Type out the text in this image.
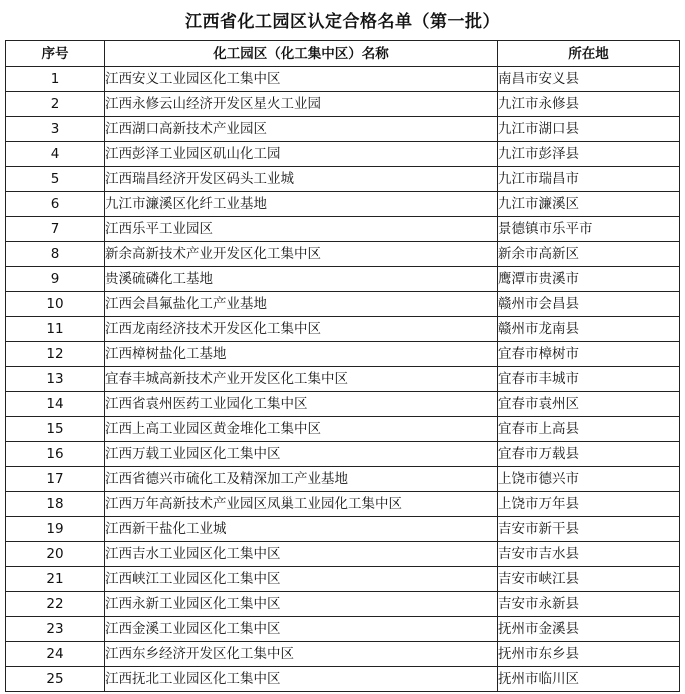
江西省化工园区认定合格名单（第一批）
序号	化工园区（化工集中区）名称	所在地
1	江西安义工业园区化工集中区	南昌市安义县
2	江西永修云山经济开发区星火工业园	九江市永修县
3	江西湖口高新技术产业园区	九江市湖口县
4	江西彭泽工业园区矶山化工园	九江市彭泽县
5	江西瑞昌经济开发区码头工业城	九江市瑞昌市
6	九江市濂溪区化纤工业基地	九江市濂溪区
7	江西乐平工业园区	景德镇市乐平市
8	新余高新技术产业开发区化工集中区	新余市高新区
9	贵溪硫磷化工基地	鹰潭市贵溪市
10	江西会昌氟盐化工产业基地	赣州市会昌县
11	江西龙南经济技术开发区化工集中区	赣州市龙南县
12	江西樟树盐化工基地	宜春市樟树市
13	宜春丰城高新技术产业开发区化工集中区	宜春市丰城市
14	江西省袁州医药工业园化工集中区	宜春市袁州区
15	江西上高工业园区黄金堆化工集中区	宜春市上高县
16	江西万载工业园区化工集中区	宜春市万载县
17	江西省德兴市硫化工及精深加工产业基地	上饶市德兴市
18	江西万年高新技术产业园区凤巢工业园化工集中区	上饶市万年县
19	江西新干盐化工业城	吉安市新干县
20	江西吉水工业园区化工集中区	吉安市吉水县
21	江西峡江工业园区化工集中区	吉安市峡江县
22	江西永新工业园区化工集中区	吉安市永新县
23	江西金溪工业园区化工集中区	抚州市金溪县
24	江西东乡经济开发区化工集中区	抚州市东乡县
25	江西抚北工业园区化工集中区	抚州市临川区
